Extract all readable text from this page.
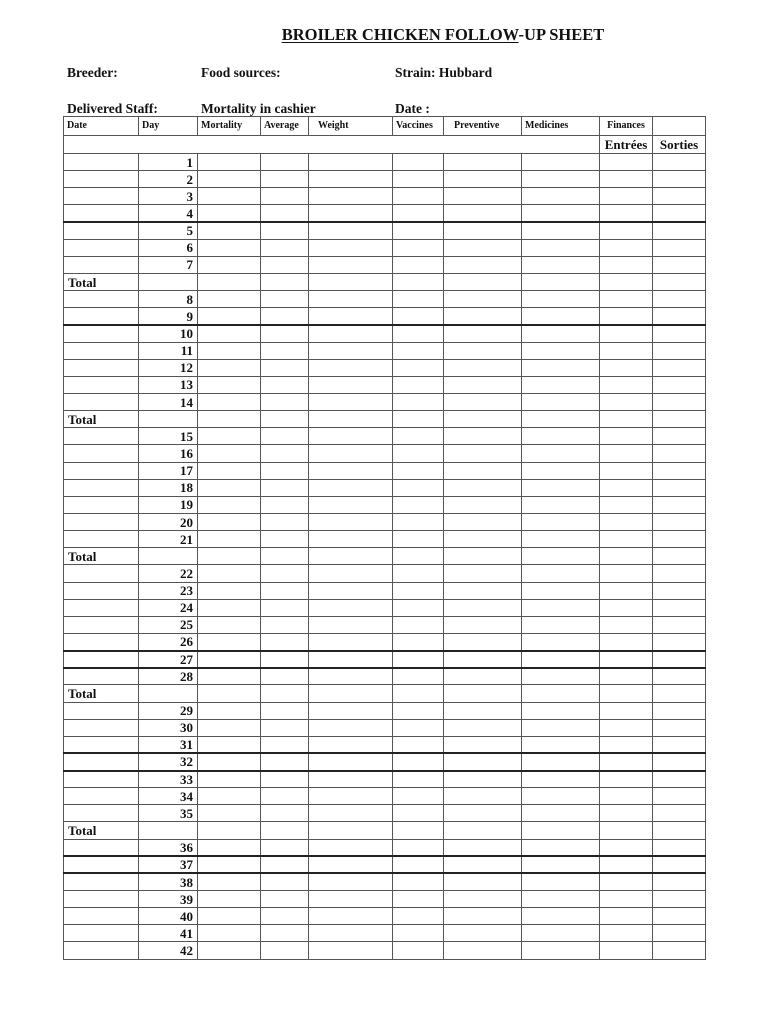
BROILER CHICKEN FOLLOW-UP SHEET
Breeder:	Food sources:	Strain: Hubbard
Delivered Staff:	Mortality in cashier	Date :
Date	Day	Mortality	Average	Weight	Vaccines	Preventive	Medicines	Finances	
								Entrées	Sorties
	1								
	2								
	3								
	4								
	5								
	6								
	7								
Total									
	8								
	9								
	10								
	11								
	12								
	13								
	14								
Total									
	15								
	16								
	17								
	18								
	19								
	20								
	21								
Total									
	22								
	23								
	24								
	25								
	26								
	27								
	28								
Total									
	29								
	30								
	31								
	32								
	33								
	34								
	35								
Total									
	36								
	37								
	38								
	39								
	40								
	41								
	42								
